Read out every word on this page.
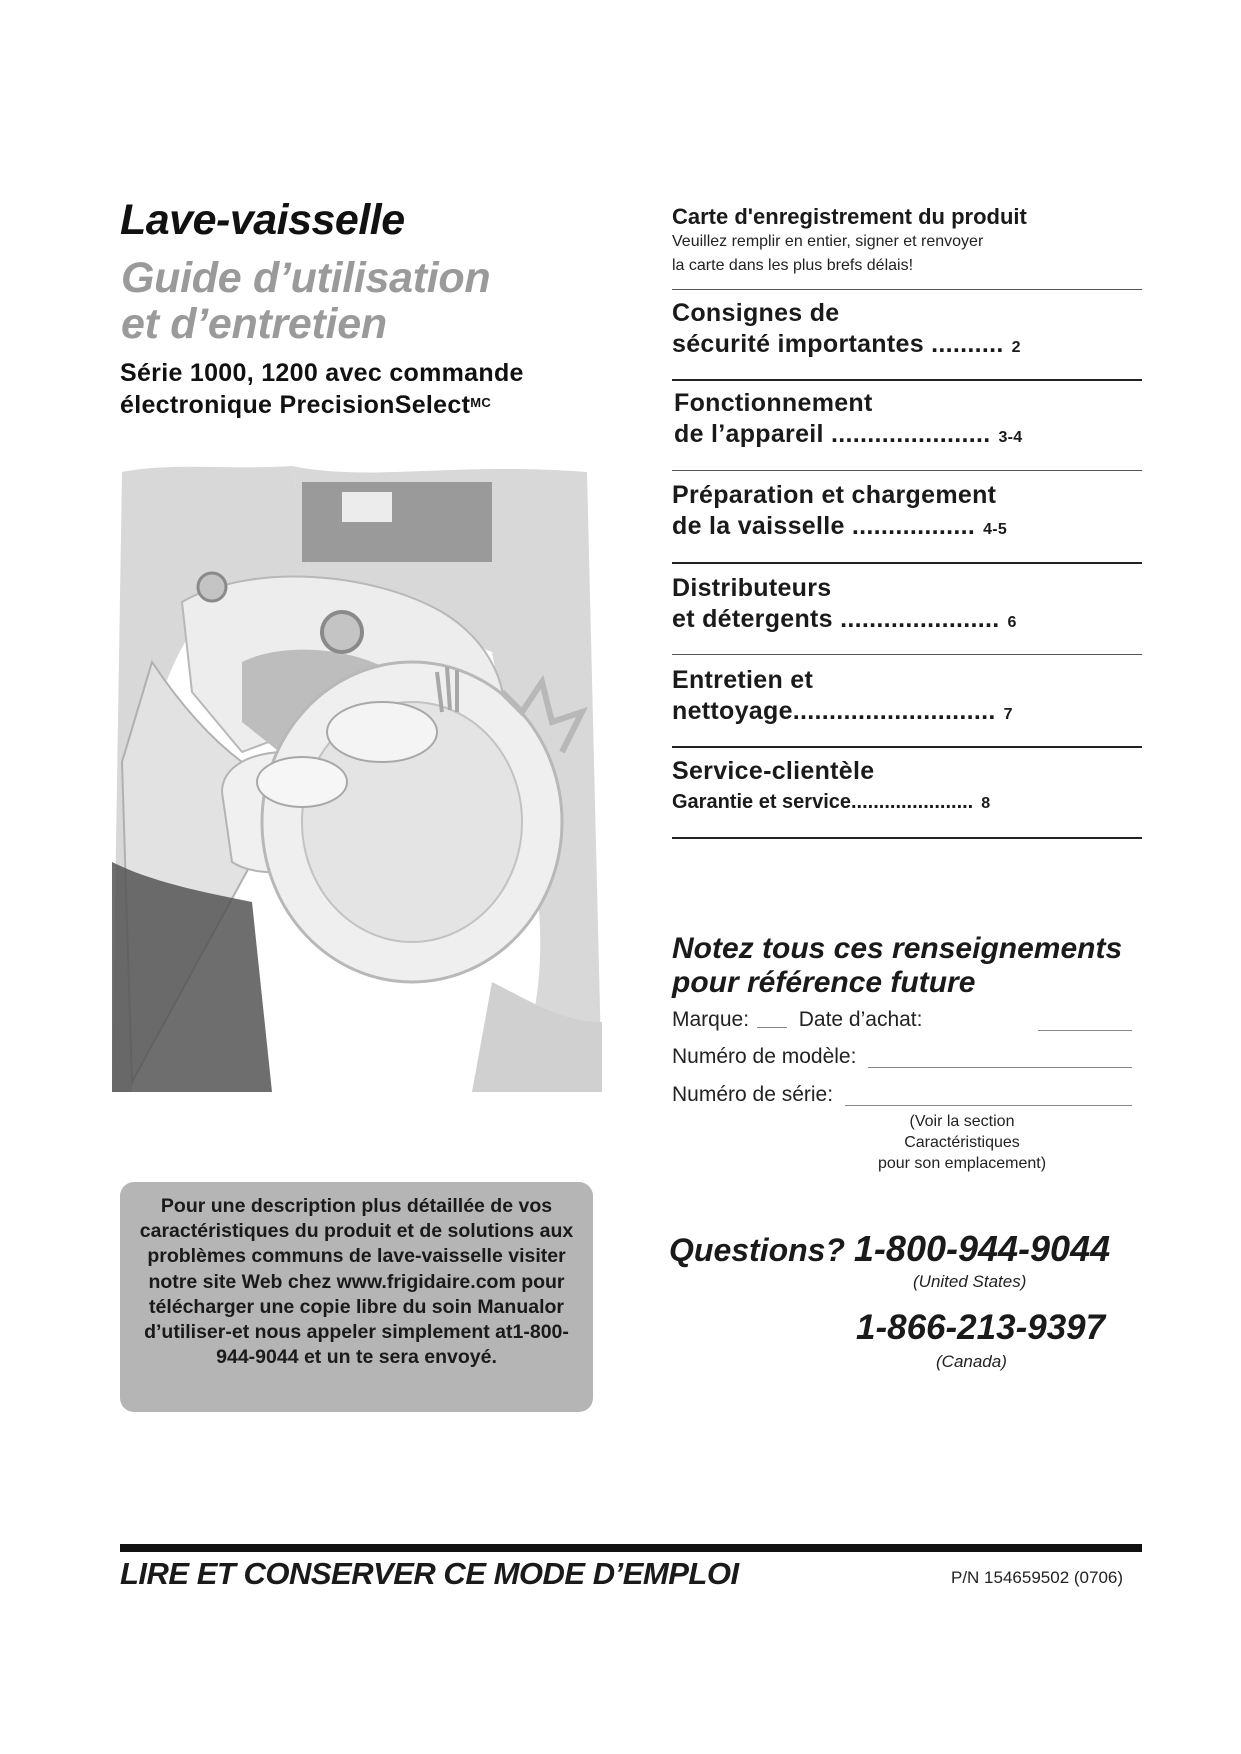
Lave-vaisselle
Guide d’utilisation
et d’entretien
Série 1000, 1200 avec commande
électronique PrecisionSelect$^{MC}$
Pour une description plus détaillée de vos caractéristiques du produit et de solutions aux problèmes communs de lave-vaisselle visiter notre site Web chez www.frigidaire.com pour télécharger une copie libre du soin Manualor d’utiliser-et nous appeler simplement at1-800-944-9044 et un te sera envoyé.
Carte d'enregistrement du produit
Veuillez remplir en entier, signer et renvoyer
la carte dans les plus brefs délais!
Consignes de
sécurité importantes .......... 2
Fonctionnement
de l’appareil ...................... 3-4
Préparation et chargement
de la vaisselle ................. 4-5
Distributeurs
et détergents ...................... 6
Entretien et
nettoyage............................ 7
Service-clientèle
Garantie et service...................... 8
Notez tous ces renseignements
pour référence future
Marque: Date d’achat:
Numéro de modèle:
Numéro de série:
(Voir la section Caractéristiques
pour son emplacement)
Questions? 1-800-944-9044
(United States)
1-866-213-9397
(Canada)
LIRE ET CONSERVER CE MODE D’EMPLOI	P/N 154659502 (0706)
